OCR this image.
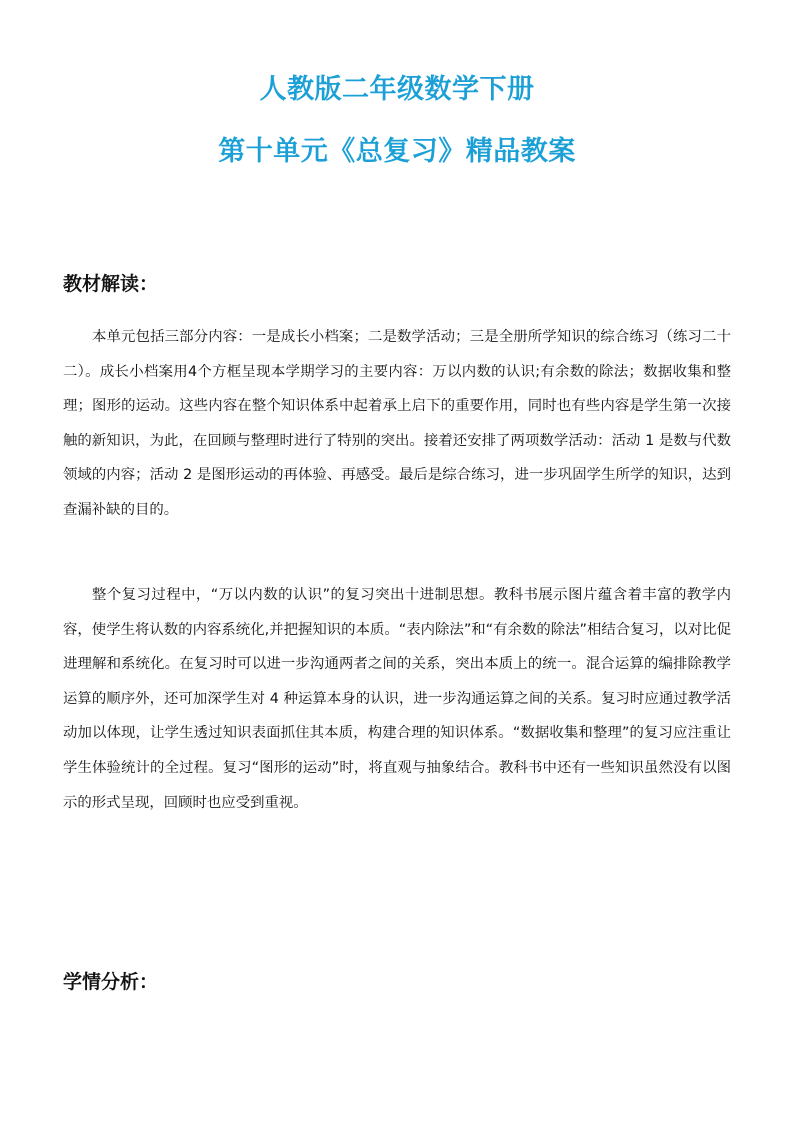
人教版二年级数学下册
第十单元《总复习》精品教案
教材解读：

本单元包括三部分内容：一是成长小档案；二是数学活动；三是全册所学知识的综合练习（练习二十二）。成长小档案用4个方框呈现本学期学习的主要内容：万以内数的认识;有余数的除法；数据收集和整理；图形的运动。这些内容在整个知识体系中起着承上启下的重要作用，同时也有些内容是学生第一次接触的新知识，为此，在回顾与整理时进行了特别的突出。接着还安排了两项数学活动：活动 1 是数与代数领域的内容；活动 2 是图形运动的再体验、再感受。最后是综合练习，进一步巩固学生所学的知识，达到查漏补缺的目的。

整个复习过程中，“万以内数的认识”的复习突出十进制思想。教科书展示图片蕴含着丰富的教学内容，使学生将认数的内容系统化,并把握知识的本质。“表内除法”和“有余数的除法”相结合复习，以对比促进理解和系统化。在复习时可以进一步沟通两者之间的关系，突出本质上的统一。混合运算的编排除教学运算的顺序外，还可加深学生对 4 种运算本身的认识，进一步沟通运算之间的关系。复习时应通过教学活动加以体现，让学生透过知识表面抓住其本质，构建合理的知识体系。“数据收集和整理”的复习应注重让学生体验统计的全过程。复习“图形的运动”时，将直观与抽象结合。教科书中还有一些知识虽然没有以图示的形式呈现，回顾时也应受到重视。

学情分析：
